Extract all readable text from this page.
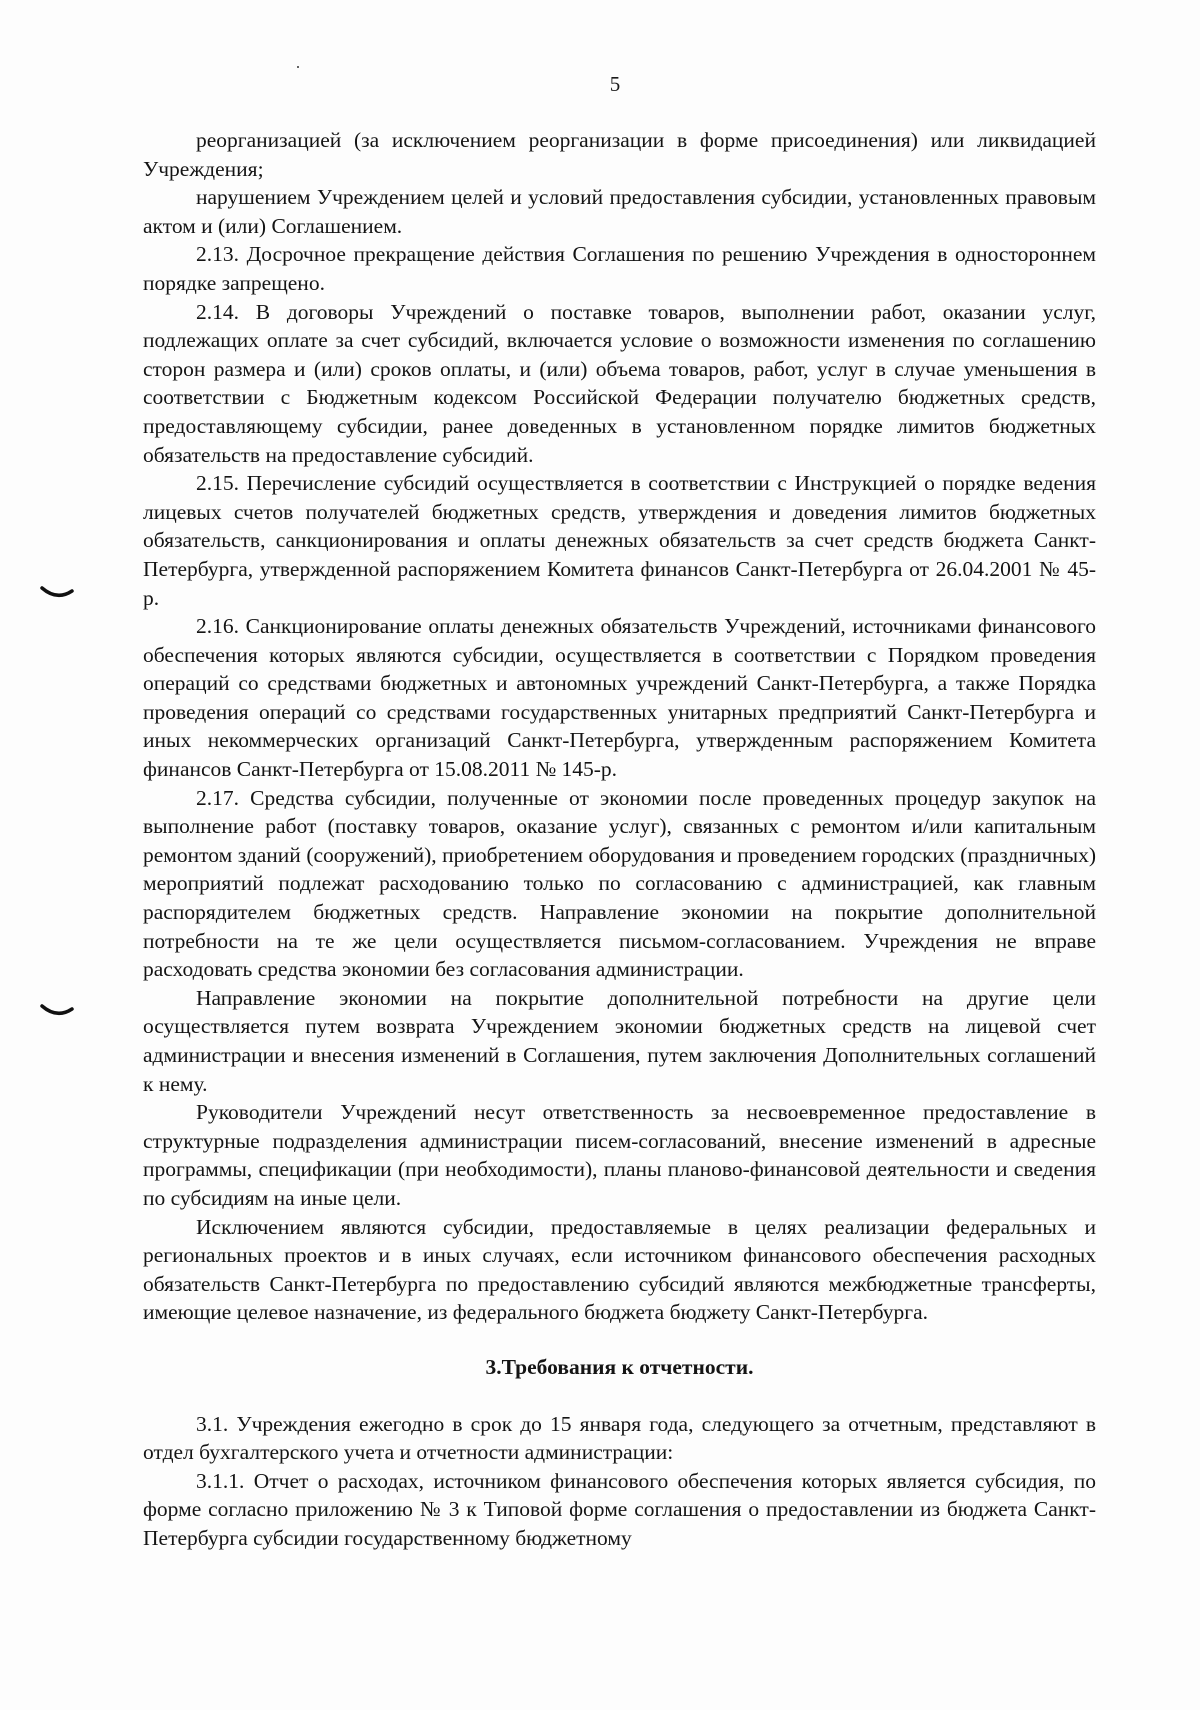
5

реорганизацией (за исключением реорганизации в форме присоединения) или ликвидацией Учреждения;

нарушением Учреждением целей и условий предоставления субсидии, установленных правовым актом и (или) Соглашением.

2.13. Досрочное прекращение действия Соглашения по решению Учреждения в одностороннем порядке запрещено.

2.14. В договоры Учреждений о поставке товаров, выполнении работ, оказании услуг, подлежащих оплате за счет субсидий, включается условие о возможности изменения по соглашению сторон размера и (или) сроков оплаты, и (или) объема товаров, работ, услуг в случае уменьшения в соответствии с Бюджетным кодексом Российской Федерации получателю бюджетных средств, предоставляющему субсидии, ранее доведенных в установленном порядке лимитов бюджетных обязательств на предоставление субсидий.

2.15. Перечисление субсидий осуществляется в соответствии с Инструкцией о порядке ведения лицевых счетов получателей бюджетных средств, утверждения и доведения лимитов бюджетных обязательств, санкционирования и оплаты денежных обязательств за счет средств бюджета Санкт-Петербурга, утвержденной распоряжением Комитета финансов Санкт-Петербурга от 26.04.2001 № 45-р.

2.16. Санкционирование оплаты денежных обязательств Учреждений, источниками финансового обеспечения которых являются субсидии, осуществляется в соответствии с Порядком проведения операций со средствами бюджетных и автономных учреждений Санкт-Петербурга, а также Порядка проведения операций со средствами государственных унитарных предприятий Санкт-Петербурга и иных некоммерческих организаций Санкт-Петербурга, утвержденным распоряжением Комитета финансов Санкт-Петербурга от 15.08.2011 № 145-р.

2.17. Средства субсидии, полученные от экономии после проведенных процедур закупок на выполнение работ (поставку товаров, оказание услуг), связанных с ремонтом и/или капитальным ремонтом зданий (сооружений), приобретением оборудования и проведением городских (праздничных) мероприятий подлежат расходованию только по согласованию с администрацией, как главным распорядителем бюджетных средств. Направление экономии на покрытие дополнительной потребности на те же цели осуществляется письмом-согласованием. Учреждения не вправе расходовать средства экономии без согласования администрации.

Направление экономии на покрытие дополнительной потребности на другие цели осуществляется путем возврата Учреждением экономии бюджетных средств на лицевой счет администрации и внесения изменений в Соглашения, путем заключения Дополнительных соглашений к нему.

Руководители Учреждений несут ответственность за несвоевременное предоставление в структурные подразделения администрации писем-согласований, внесение изменений в адресные программы, спецификации (при необходимости), планы планово-финансовой деятельности и сведения по субсидиям на иные цели.

Исключением являются субсидии, предоставляемые в целях реализации федеральных и региональных проектов и в иных случаях, если источником финансового обеспечения расходных обязательств Санкт-Петербурга по предоставлению субсидий являются межбюджетные трансферты, имеющие целевое назначение, из федерального бюджета бюджету Санкт-Петербурга.

3.Требования к отчетности.

3.1. Учреждения ежегодно в срок до 15 января года, следующего за отчетным, представляют в отдел бухгалтерского учета и отчетности администрации:

3.1.1. Отчет о расходах, источником финансового обеспечения которых является субсидия, по форме согласно приложению № 3 к Типовой форме соглашения о предоставлении из бюджета Санкт-Петербурга субсидии государственному бюджетному
